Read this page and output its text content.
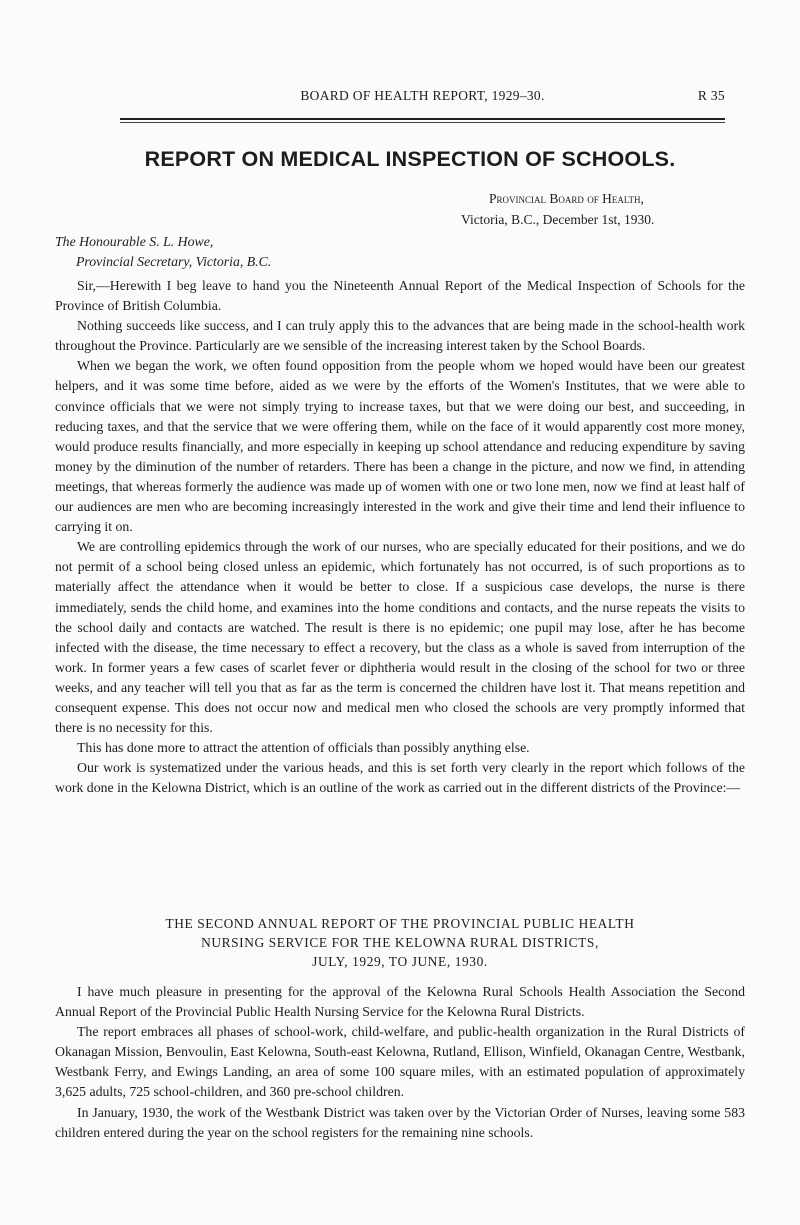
BOARD OF HEALTH REPORT, 1929–30.	R 35
REPORT ON MEDICAL INSPECTION OF SCHOOLS.
Provincial Board of Health,
Victoria, B.C., December 1st, 1930.
The Honourable S. L. Howe,
Provincial Secretary, Victoria, B.C.

Sir,—Herewith I beg leave to hand you the Nineteenth Annual Report of the Medical Inspection of Schools for the Province of British Columbia.

Nothing succeeds like success, and I can truly apply this to the advances that are being made in the school-health work throughout the Province. Particularly are we sensible of the increasing interest taken by the School Boards.

When we began the work, we often found opposition from the people whom we hoped would have been our greatest helpers, and it was some time before, aided as we were by the efforts of the Women's Institutes, that we were able to convince officials that we were not simply trying to increase taxes, but that we were doing our best, and succeeding, in reducing taxes, and that the service that we were offering them, while on the face of it would apparently cost more money, would produce results financially, and more especially in keeping up school attendance and reducing expenditure by saving money by the diminution of the number of retarders. There has been a change in the picture, and now we find, in attending meetings, that whereas formerly the audience was made up of women with one or two lone men, now we find at least half of our audiences are men who are becoming increasingly interested in the work and give their time and lend their influence to carrying it on.

We are controlling epidemics through the work of our nurses, who are specially educated for their positions, and we do not permit of a school being closed unless an epidemic, which fortunately has not occurred, is of such proportions as to materially affect the attendance when it would be better to close. If a suspicious case develops, the nurse is there immediately, sends the child home, and examines into the home conditions and contacts, and the nurse repeats the visits to the school daily and contacts are watched. The result is there is no epidemic; one pupil may lose, after he has become infected with the disease, the time necessary to effect a recovery, but the class as a whole is saved from interruption of the work. In former years a few cases of scarlet fever or diphtheria would result in the closing of the school for two or three weeks, and any teacher will tell you that as far as the term is concerned the children have lost it. That means repetition and consequent expense. This does not occur now and medical men who closed the schools are very promptly informed that there is no necessity for this.

This has done more to attract the attention of officials than possibly anything else.

Our work is systematized under the various heads, and this is set forth very clearly in the report which follows of the work done in the Kelowna District, which is an outline of the work as carried out in the different districts of the Province:—

THE SECOND ANNUAL REPORT OF THE PROVINCIAL PUBLIC HEALTH
NURSING SERVICE FOR THE KELOWNA RURAL DISTRICTS,
JULY, 1929, TO JUNE, 1930.

I have much pleasure in presenting for the approval of the Kelowna Rural Schools Health Association the Second Annual Report of the Provincial Public Health Nursing Service for the Kelowna Rural Districts.

The report embraces all phases of school-work, child-welfare, and public-health organization in the Rural Districts of Okanagan Mission, Benvoulin, East Kelowna, South-east Kelowna, Rutland, Ellison, Winfield, Okanagan Centre, Westbank, Westbank Ferry, and Ewings Landing, an area of some 100 square miles, with an estimated population of approximately 3,625 adults, 725 school-children, and 360 pre-school children.

In January, 1930, the work of the Westbank District was taken over by the Victorian Order of Nurses, leaving some 583 children entered during the year on the school registers for the remaining nine schools.
